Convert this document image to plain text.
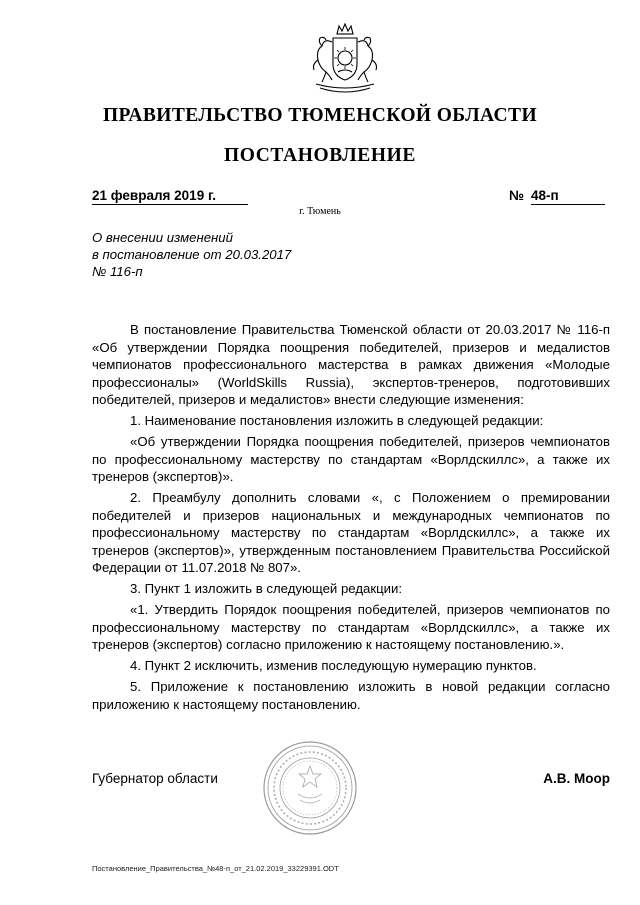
ПРАВИТЕЛЬСТВО ТЮМЕНСКОЙ ОБЛАСТИ
ПОСТАНОВЛЕНИЕ
21 февраля 2019 г.	№ 48-п
г. Тюмень
О внесении изменений
в постановление от 20.03.2017
№ 116-п

В постановление Правительства Тюменской области от 20.03.2017 № 116-п «Об утверждении Порядка поощрения победителей, призеров и медалистов чемпионатов профессионального мастерства в рамках движения «Молодые профессионалы» (WorldSkills Russia), экспертов-тренеров, подготовивших победителей, призеров и медалистов» внести следующие изменения:

1. Наименование постановления изложить в следующей редакции:

«Об утверждении Порядка поощрения победителей, призеров чемпионатов по профессиональному мастерству по стандартам «Ворлдскиллс», а также их тренеров (экспертов)».

2. Преамбулу дополнить словами «, с Положением о премировании победителей и призеров национальных и международных чемпионатов по профессиональному мастерству по стандартам «Ворлдскиллс», а также их тренеров (экспертов)», утвержденным постановлением Правительства Российской Федерации от 11.07.2018 № 807».

3. Пункт 1 изложить в следующей редакции:

«1. Утвердить Порядок поощрения победителей, призеров чемпионатов по профессиональному мастерству по стандартам «Ворлдскиллс», а также их тренеров (экспертов) согласно приложению к настоящему постановлению.».

4. Пункт 2 исключить, изменив последующую нумерацию пунктов.

5. Приложение к постановлению изложить в новой редакции согласно приложению к настоящему постановлению.

Губернатор области	А.В. Моор
Постановление_Правительства_№48-п_от_21.02.2019_33229391.ODT
